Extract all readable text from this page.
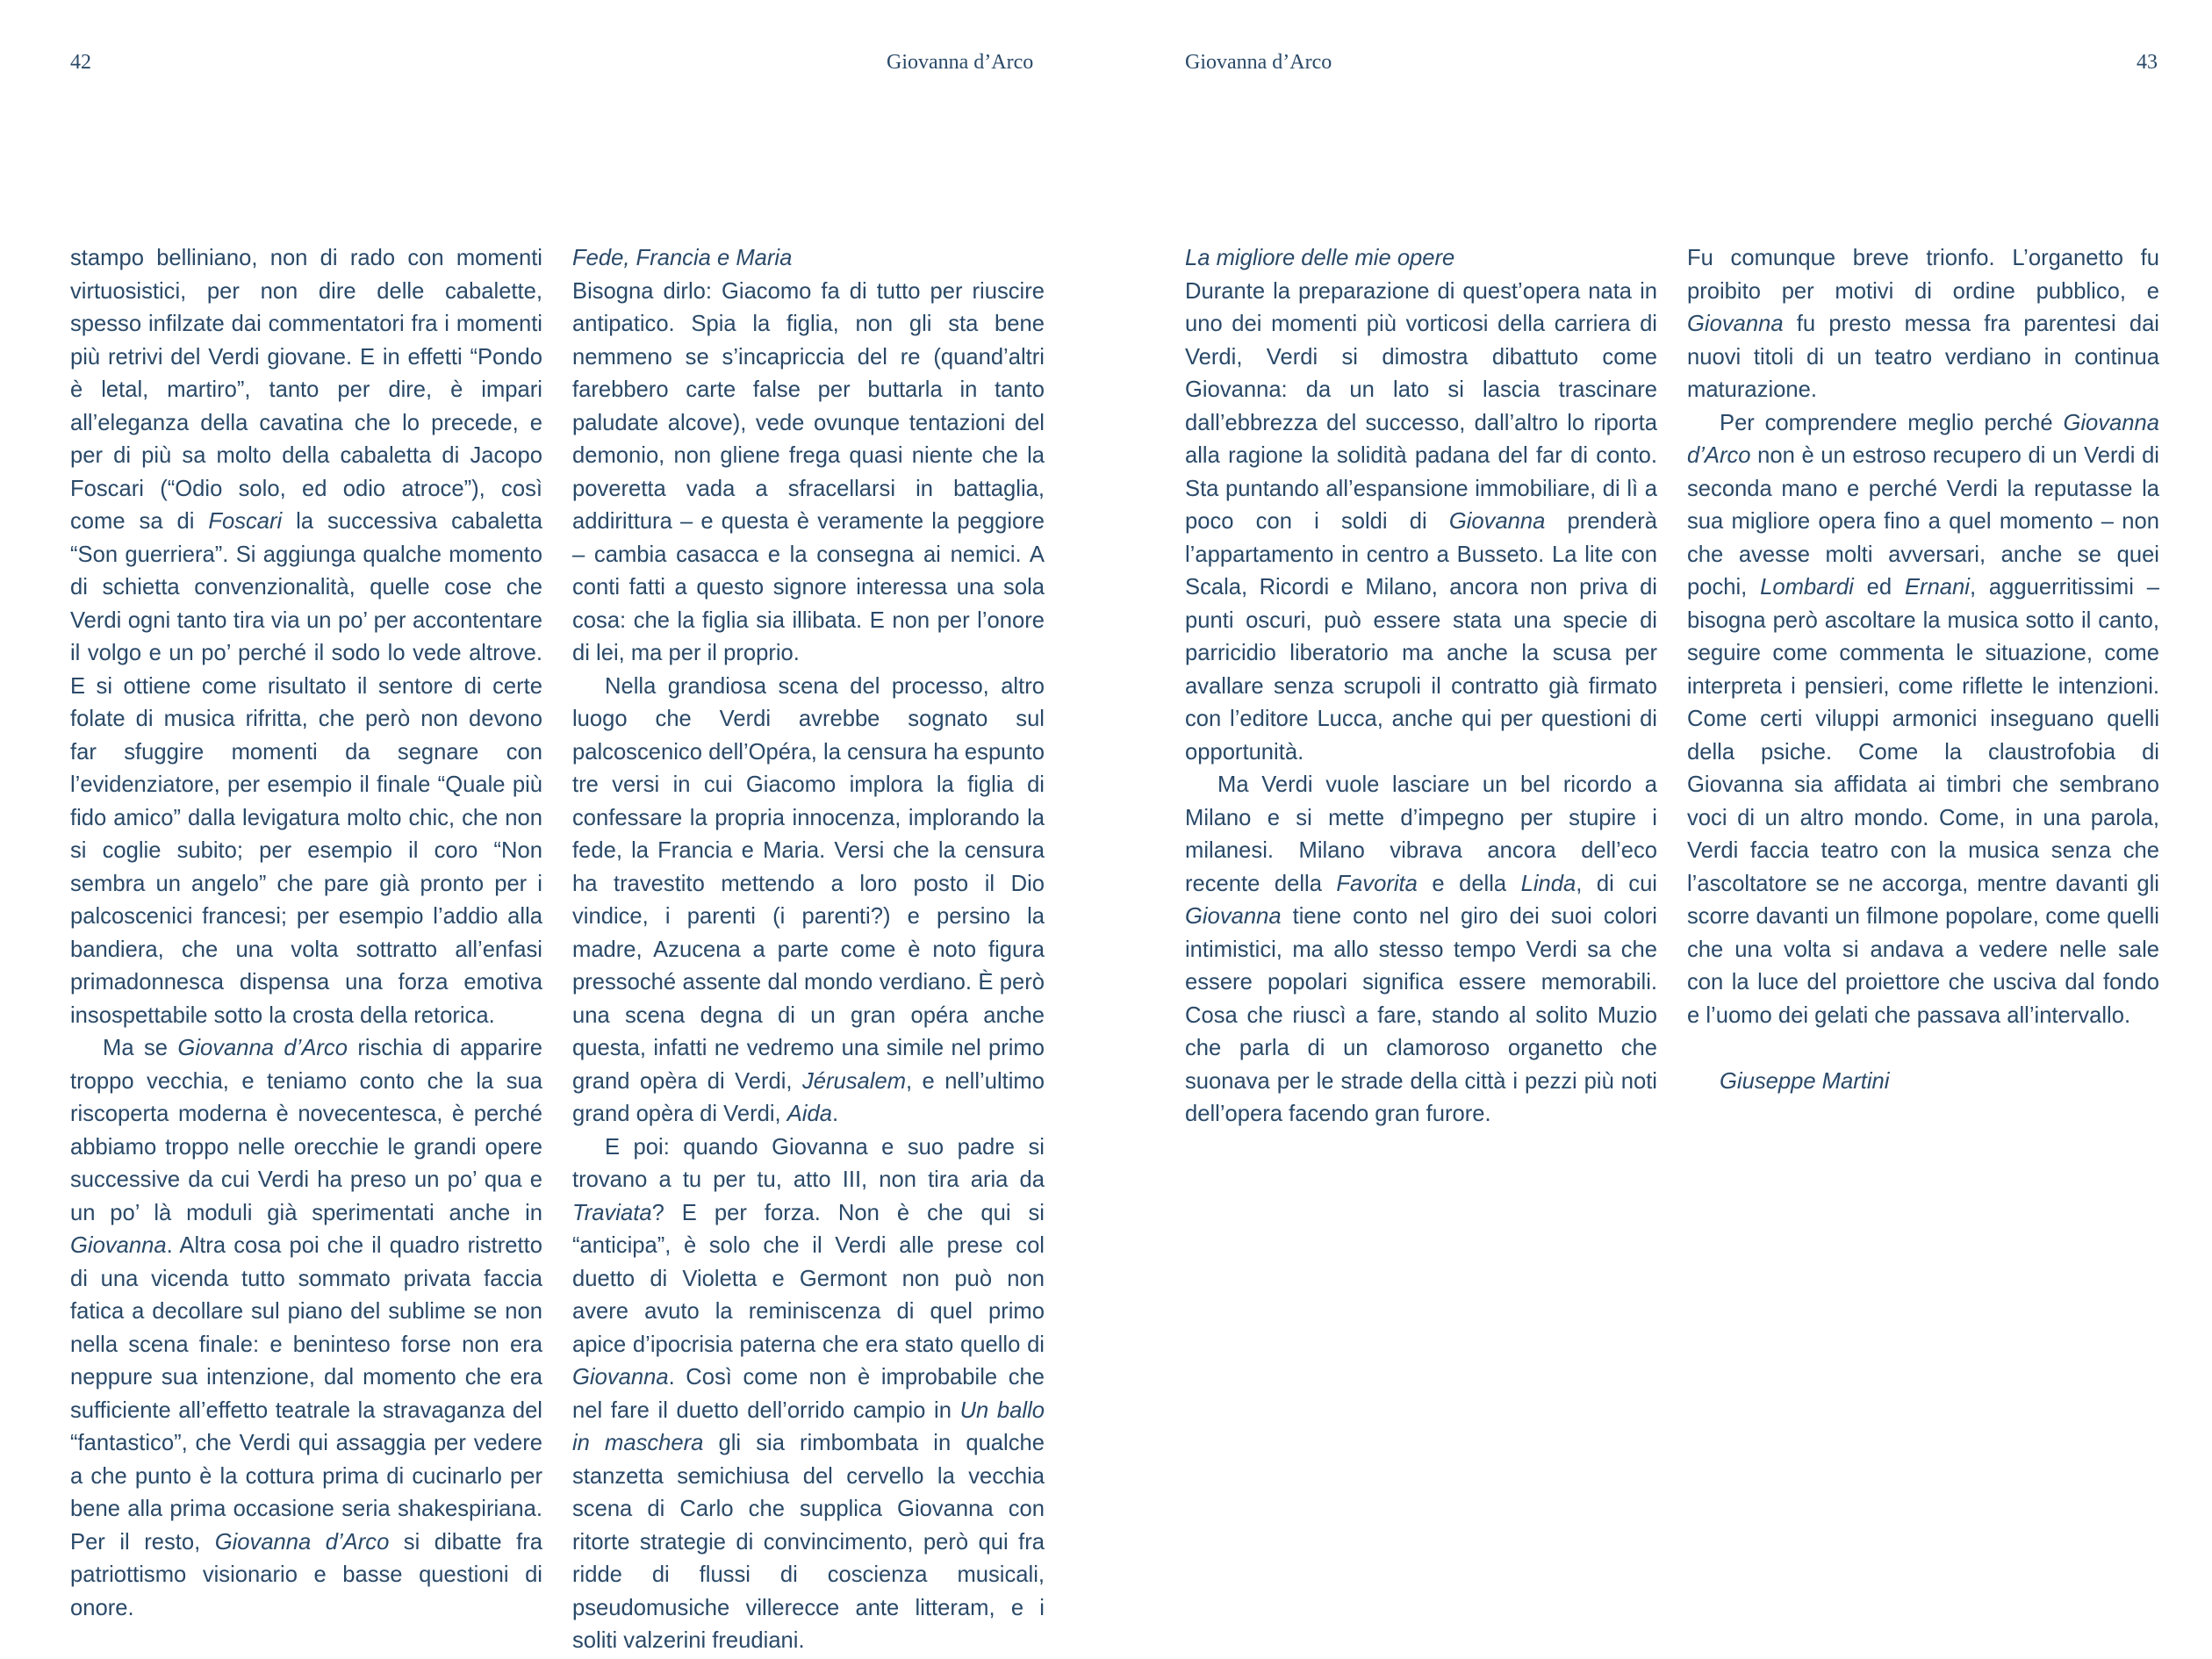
42	Giovanna d’Arco

stampo belliniano, non di rado con momenti virtuosistici, per non dire delle cabalette, spesso infilzate dai commentatori fra i momenti più retrivi del Verdi giovane. E in effetti “Pondo è letal, martiro”, tanto per dire, è impari all’eleganza della cavatina che lo precede, e per di più sa molto della cabaletta di Jacopo Foscari (“Odio solo, ed odio atroce”), così come sa di Foscari la successiva cabaletta “Son guerriera”. Si aggiunga qualche momento di schietta convenzionalità, quelle cose che Verdi ogni tanto tira via un po’ per accontentare il volgo e un po’ perché il sodo lo vede altrove. E si ottiene come risultato il sentore di certe folate di musica rifritta, che però non devono far sfuggire momenti da segnare con l’evidenziatore, per esempio il finale “Quale più fido amico” dalla levigatura molto chic, che non si coglie subito; per esempio il coro “Non sembra un angelo” che pare già pronto per i palcoscenici francesi; per esempio l’addio alla bandiera, che una volta sottratto all’enfasi primadonnesca dispensa una forza emotiva insospettabile sotto la crosta della retorica.

Ma se Giovanna d’Arco rischia di apparire troppo vecchia, e teniamo conto che la sua riscoperta moderna è novecentesca, è perché abbiamo troppo nelle orecchie le grandi opere successive da cui Verdi ha preso un po’ qua e un po’ là moduli già sperimentati anche in Giovanna. Altra cosa poi che il quadro ristretto di una vicenda tutto sommato privata faccia fatica a decollare sul piano del sublime se non nella scena finale: e beninteso forse non era neppure sua intenzione, dal momento che era sufficiente all’effetto teatrale la stravaganza del “fantastico”, che Verdi qui assaggia per vedere a che punto è la cottura prima di cucinarlo per bene alla prima occasione seria shakespiriana. Per il resto, Giovanna d’Arco si dibatte fra patriottismo visionario e basse questioni di onore.

Fede, Francia e Maria

Bisogna dirlo: Giacomo fa di tutto per riuscire antipatico. Spia la figlia, non gli sta bene nemmeno se s’incapriccia del re (quand’altri farebbero carte false per buttarla in tanto paludate alcove), vede ovunque tentazioni del demonio, non gliene frega quasi niente che la poveretta vada a sfracellarsi in battaglia, addirittura – e questa è veramente la peggiore – cambia casacca e la consegna ai nemici. A conti fatti a questo signore interessa una sola cosa: che la figlia sia illibata. E non per l’onore di lei, ma per il proprio.

Nella grandiosa scena del processo, altro luogo che Verdi avrebbe sognato sul palcoscenico dell’Opéra, la censura ha espunto tre versi in cui Giacomo implora la figlia di confessare la propria innocenza, implorando la fede, la Francia e Maria. Versi che la censura ha travestito mettendo a loro posto il Dio vindice, i parenti (i parenti?) e persino la madre, Azucena a parte come è noto figura pressoché assente dal mondo verdiano. È però una scena degna di un gran opéra anche questa, infatti ne vedremo una simile nel primo grand opèra di Verdi, Jérusalem, e nell’ultimo grand opèra di Verdi, Aida.

E poi: quando Giovanna e suo padre si trovano a tu per tu, atto III, non tira aria da Traviata? E per forza. Non è che qui si “anticipa”, è solo che il Verdi alle prese col duetto di Violetta e Germont non può non avere avuto la reminiscenza di quel primo apice d’ipocrisia paterna che era stato quello di Giovanna. Così come non è improbabile che nel fare il duetto dell’orrido campio in Un ballo in maschera gli sia rimbombata in qualche stanzetta semichiusa del cervello la vecchia scena di Carlo che supplica Giovanna con ritorte strategie di convincimento, però qui fra ridde di flussi di coscienza musicali, pseudomusiche villerecce ante litteram, e i soliti valzerini freudiani.

Giovanna d’Arco	43

La migliore delle mie opere

Durante la preparazione di quest’opera nata in uno dei momenti più vorticosi della carriera di Verdi, Verdi si dimostra dibattuto come Giovanna: da un lato si lascia trascinare dall’ebbrezza del successo, dall’altro lo riporta alla ragione la solidità padana del far di conto. Sta puntando all’espansione immobiliare, di lì a poco con i soldi di Giovanna prenderà l’appartamento in centro a Busseto. La lite con Scala, Ricordi e Milano, ancora non priva di punti oscuri, può essere stata una specie di parricidio liberatorio ma anche la scusa per avallare senza scrupoli il contratto già firmato con l’editore Lucca, anche qui per questioni di opportunità.

Ma Verdi vuole lasciare un bel ricordo a Milano e si mette d’impegno per stupire i milanesi. Milano vibrava ancora dell’eco recente della Favorita e della Linda, di cui Giovanna tiene conto nel giro dei suoi colori intimistici, ma allo stesso tempo Verdi sa che essere popolari significa essere memorabili. Cosa che riuscì a fare, stando al solito Muzio che parla di un clamoroso organetto che suonava per le strade della città i pezzi più noti dell’opera facendo gran furore.

Fu comunque breve trionfo. L’organetto fu proibito per motivi di ordine pubblico, e Giovanna fu presto messa fra parentesi dai nuovi titoli di un teatro verdiano in continua maturazione.

Per comprendere meglio perché Giovanna d’Arco non è un estroso recupero di un Verdi di seconda mano e perché Verdi la reputasse la sua migliore opera fino a quel momento – non che avesse molti avversari, anche se quei pochi, Lombardi ed Ernani, agguerritissimi – bisogna però ascoltare la musica sotto il canto, seguire come commenta le situazione, come interpreta i pensieri, come riflette le intenzioni. Come certi viluppi armonici inseguano quelli della psiche. Come la claustrofobia di Giovanna sia affidata ai timbri che sembrano voci di un altro mondo. Come, in una parola, Verdi faccia teatro con la musica senza che l’ascoltatore se ne accorga, mentre davanti gli scorre davanti un filmone popolare, come quelli che una volta si andava a vedere nelle sale con la luce del proiettore che usciva dal fondo e l’uomo dei gelati che passava all’intervallo.

Giuseppe Martini
